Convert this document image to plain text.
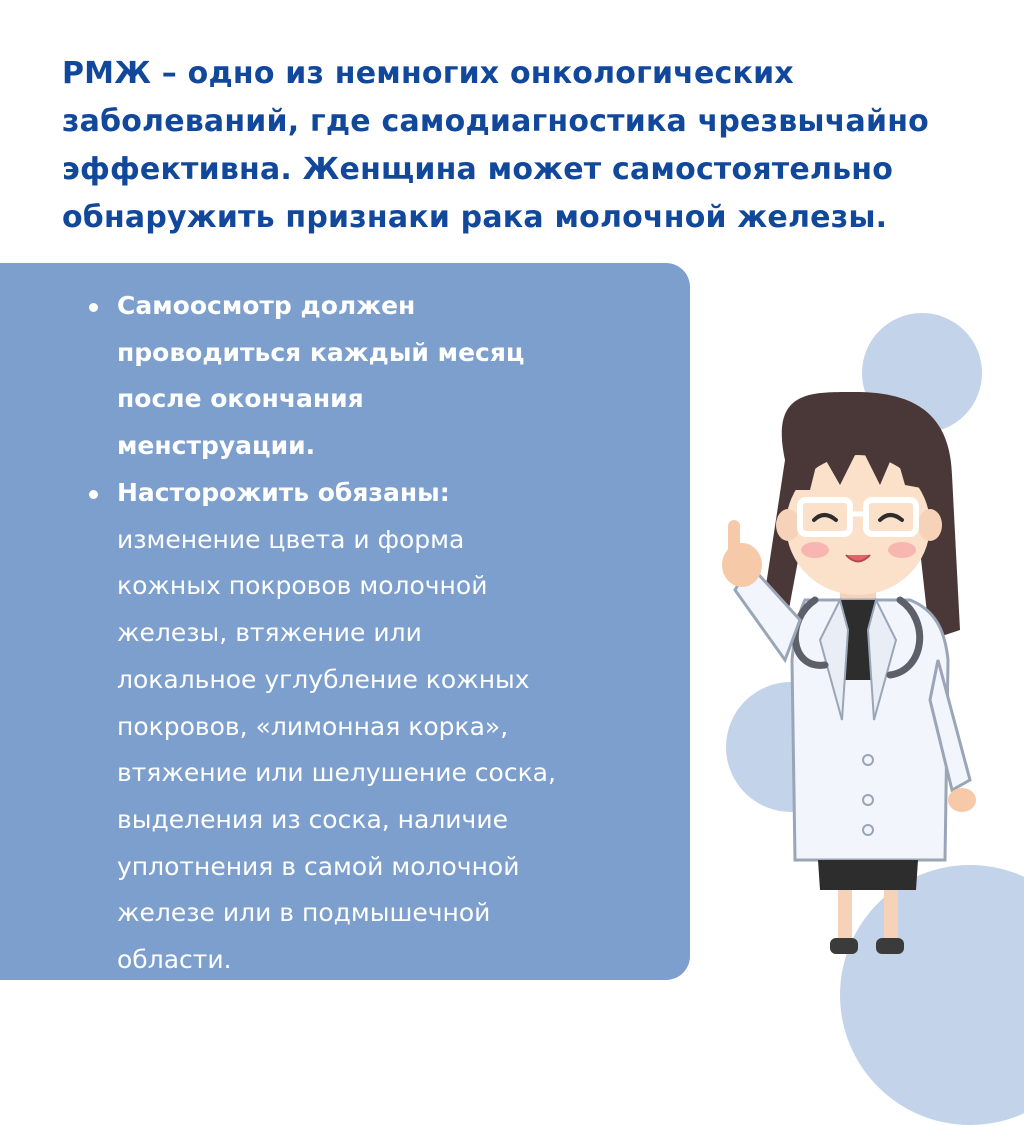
РМЖ – одно из немногих онкологических
заболеваний, где самодиагностика чрезвычайно
эффективна. Женщина может самостоятельно
обнаружить признаки рака молочной железы.
Самоосмотр должен
проводиться каждый месяц
после окончания
менструации.
Насторожить обязаны:
изменение цвета и форма
кожных покровов молочной
железы, втяжение или
локальное углубление кожных
покровов, «лимонная корка»,
втяжение или шелушение соска,
выделения из соска, наличие
уплотнения в самой молочной
железе или в подмышечной
области.
